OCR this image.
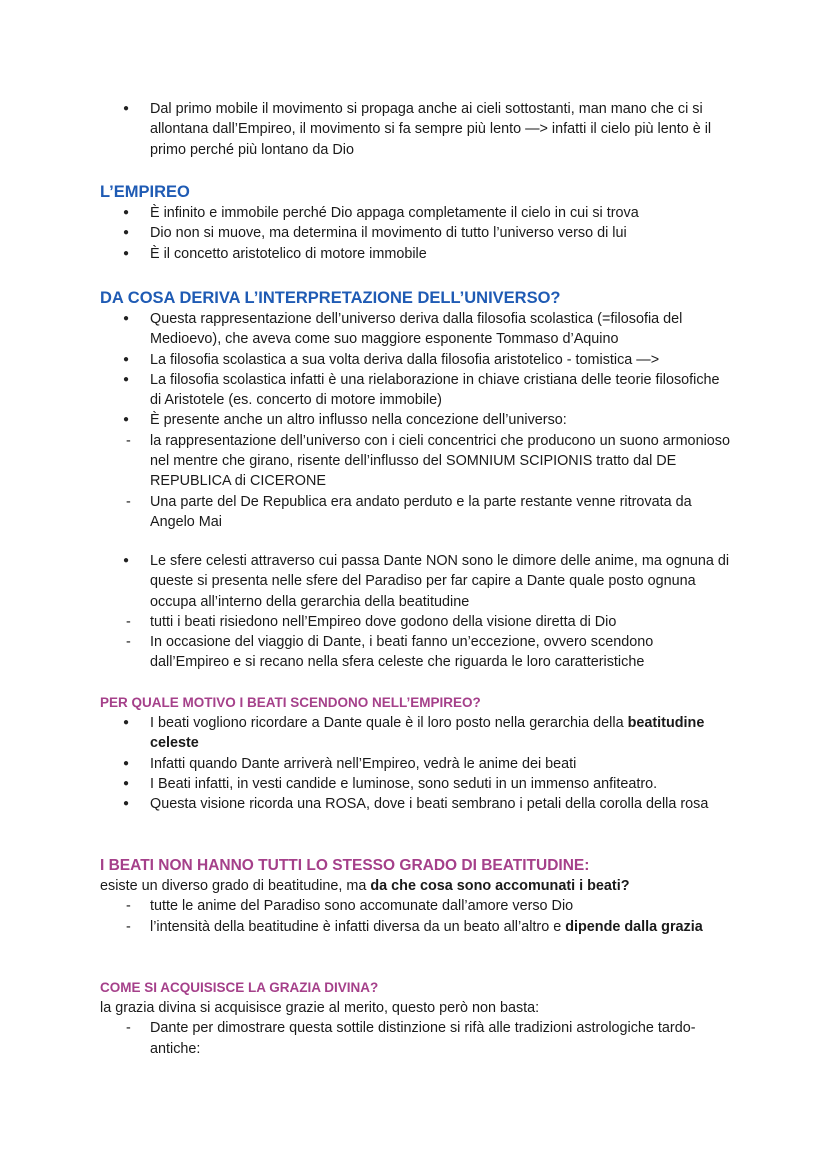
● Dal primo mobile il movimento si propaga anche ai cieli sottostanti, man mano che ci si allontana dall’Empireo, il movimento si fa sempre più lento —> infatti il cielo più lento è il primo perché più lontano da Dio
L’EMPIREO
● È infinito e immobile perché Dio appaga completamente il cielo in cui si trova
● Dio non si muove, ma determina il movimento di tutto l’universo verso di lui
● È il concetto aristotelico di motore immobile
DA COSA DERIVA L’INTERPRETAZIONE DELL’UNIVERSO?
● Questa rappresentazione dell’universo deriva dalla filosofia scolastica (=filosofia del Medioevo), che aveva come suo maggiore esponente Tommaso d’Aquino
● La filosofia scolastica a sua volta deriva dalla filosofia aristotelico - tomistica —>
● La filosofia scolastica infatti è una rielaborazione in chiave cristiana delle teorie filosofiche di Aristotele (es. concerto di motore immobile)
● È presente anche un altro influsso nella concezione dell’universo:
- la rappresentazione dell’universo con i cieli concentrici che producono un suono armonioso nel mentre che girano, risente dell’influsso del SOMNIUM SCIPIONIS tratto dal DE REPUBLICA di CICERONE
- Una parte del De Republica era andato perduto e la parte restante venne ritrovata da Angelo Mai
● Le sfere celesti attraverso cui passa Dante NON sono le dimore delle anime, ma ognuna di queste si presenta nelle sfere del Paradiso per far capire a Dante quale posto ognuna occupa all’interno della gerarchia della beatitudine
- tutti i beati risiedono nell’Empireo dove godono della visione diretta di Dio
- In occasione del viaggio di Dante, i beati fanno un’eccezione, ovvero scendono dall’Empireo e si recano nella sfera celeste che riguarda le loro caratteristiche
PER QUALE MOTIVO I BEATI SCENDONO NELL’EMPIREO?
● I beati vogliono ricordare a Dante quale è il loro posto nella gerarchia della beatitudine celeste
● Infatti quando Dante arriverà nell’Empireo, vedrà le anime dei beati
● I Beati infatti, in vesti candide e luminose, sono seduti in un immenso anfiteatro.
● Questa visione ricorda una ROSA, dove i beati sembrano i petali della corolla della rosa
I BEATI NON HANNO TUTTI LO STESSO GRADO DI BEATITUDINE:

esiste un diverso grado di beatitudine, ma da che cosa sono accomunati i beati?

- tutte le anime del Paradiso sono accomunate dall’amore verso Dio
- l’intensità della beatitudine è infatti diversa da un beato all’altro e dipende dalla grazia
COME SI ACQUISISCE LA GRAZIA DIVINA?

la grazia divina si acquisisce grazie al merito, questo però non basta:

- Dante per dimostrare questa sottile distinzione si rifà alle tradizioni astrologiche tardo-antiche:
